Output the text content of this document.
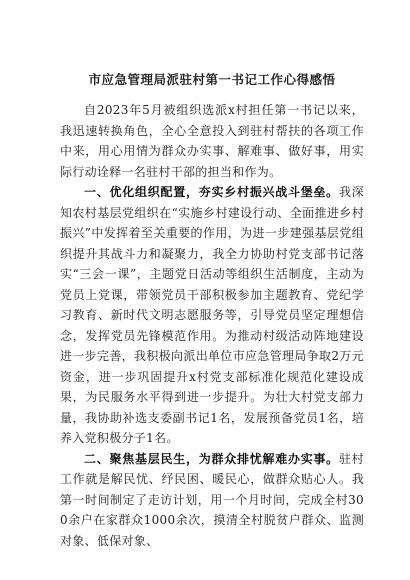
市应急管理局派驻村第一书记工作心得感悟

自2023年5月被组织选派x村担任第一书记以来，我迅速转换角色，全心全意投入到驻村帮扶的各项工作中来，用心用情为群众办实事、解难事、做好事，用实际行动诠释一名驻村干部的担当和作为。

一、优化组织配置，夯实乡村振兴战斗堡垒。我深知农村基层党组织在“实施乡村建设行动、全面推进乡村振兴”中发挥着至关重要的作用，为进一步建强基层党组织提升其战斗力和凝聚力，我全力协助村党支部书记落实“三会一课”，主题党日活动等组织生活制度，主动为党员上党课，带领党员干部积极参加主题教育、党纪学习教育、新时代文明志愿服务等，引导党员坚定理想信念，发挥党员先锋模范作用。为推动村级活动阵地建设进一步完善，我积极向派出单位市应急管理局争取2万元资金，进一步巩固提升x村党支部标准化规范化建设成果，为民服务水平得到进一步提升。为壮大村党支部力量，我协助补选支委副书记1名，发展预备党员1名，培养入党积极分子1名。

二、聚焦基层民生，为群众排忧解难办实事。驻村工作就是解民忧、纾民困、暖民心，做群众贴心人。我第一时间制定了走访计划，用一个月时间，完成全村300余户在家群众1000余次，摸清全村脱贫户群众、监测对象、低保对象、
